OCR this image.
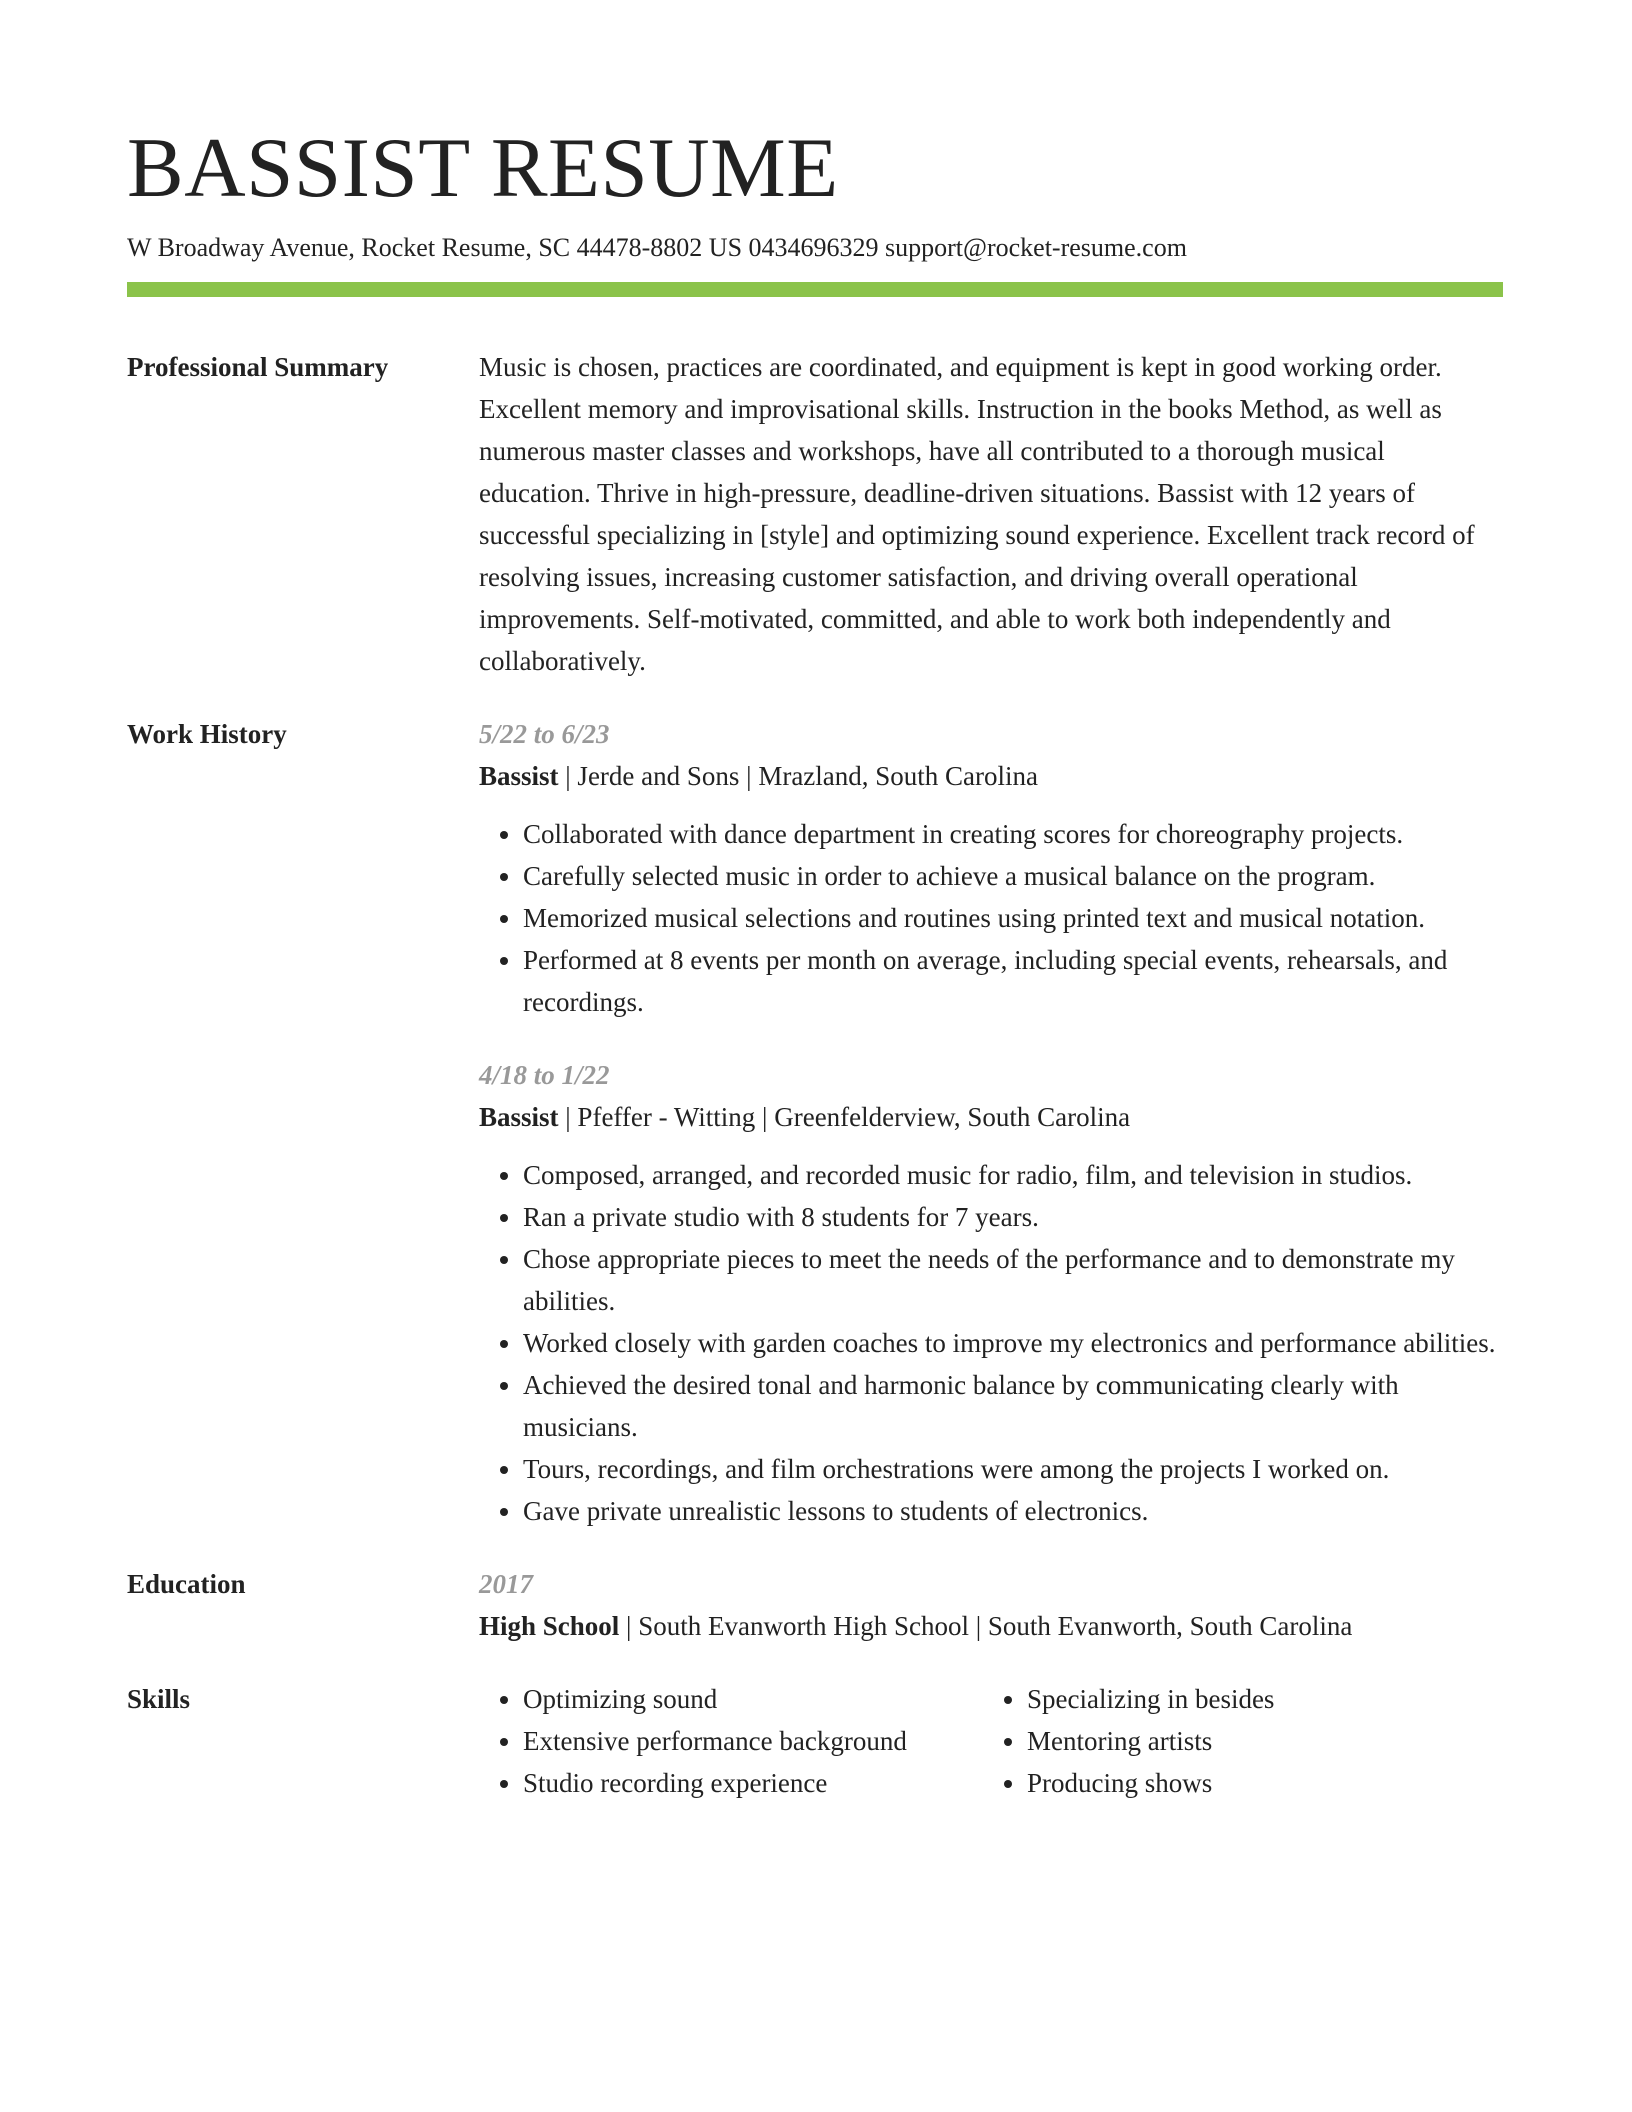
BASSIST RESUME
W Broadway Avenue, Rocket Resume, SC 44478-8802 US 0434696329 support@rocket-resume.com
Professional Summary	Music is chosen, practices are coordinated, and equipment is kept in good working order. Excellent memory and improvisational skills. Instruction in the books Method, as well as numerous master classes and workshops, have all contributed to a thorough musical education. Thrive in high-pressure, deadline-driven situations. Bassist with 12 years of successful specializing in [style] and optimizing sound experience. Excellent track record of resolving issues, increasing customer satisfaction, and driving overall operational improvements. Self-motivated, committed, and able to work both independently and collaboratively.

Work History	5/22 to 6/23
Bassist | Jerde and Sons | Mrazland, South Carolina
• Collaborated with dance department in creating scores for choreography projects.
• Carefully selected music in order to achieve a musical balance on the program.
• Memorized musical selections and routines using printed text and musical notation.
• Performed at 8 events per month on average, including special events, rehearsals, and recordings.
4/18 to 1/22
Bassist | Pfeffer - Witting | Greenfelderview, South Carolina
• Composed, arranged, and recorded music for radio, film, and television in studios.
• Ran a private studio with 8 students for 7 years.
• Chose appropriate pieces to meet the needs of the performance and to demonstrate my abilities.
• Worked closely with garden coaches to improve my electronics and performance abilities.
• Achieved the desired tonal and harmonic balance by communicating clearly with musicians.
• Tours, recordings, and film orchestrations were among the projects I worked on.
• Gave private unrealistic lessons to students of electronics.
Education	2017
High School | South Evanworth High School | South Evanworth, South Carolina
Skills
•	Optimizing sound
• Extensive performance background
• Studio recording experience
• Specializing in besides
• Mentoring artists
• Producing shows
